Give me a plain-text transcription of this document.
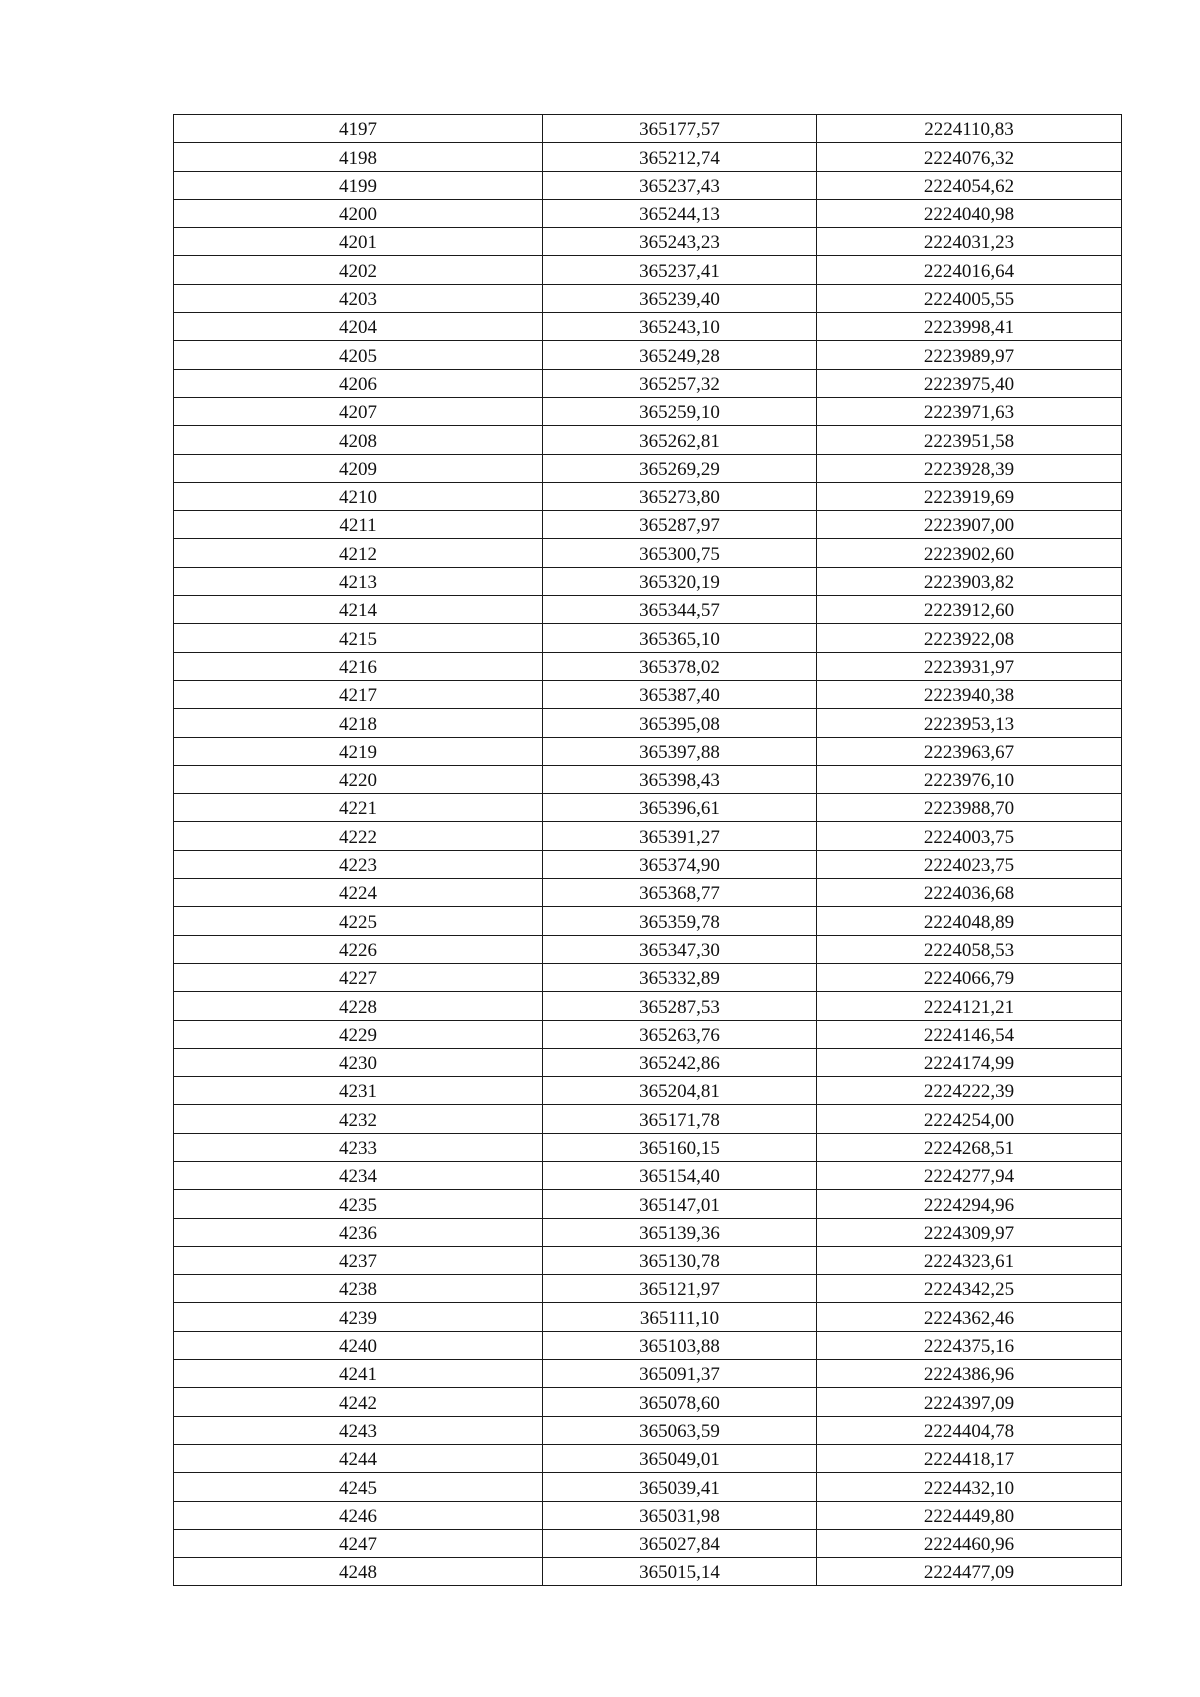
4197	365177,57	2224110,83
4198	365212,74	2224076,32
4199	365237,43	2224054,62
4200	365244,13	2224040,98
4201	365243,23	2224031,23
4202	365237,41	2224016,64
4203	365239,40	2224005,55
4204	365243,10	2223998,41
4205	365249,28	2223989,97
4206	365257,32	2223975,40
4207	365259,10	2223971,63
4208	365262,81	2223951,58
4209	365269,29	2223928,39
4210	365273,80	2223919,69
4211	365287,97	2223907,00
4212	365300,75	2223902,60
4213	365320,19	2223903,82
4214	365344,57	2223912,60
4215	365365,10	2223922,08
4216	365378,02	2223931,97
4217	365387,40	2223940,38
4218	365395,08	2223953,13
4219	365397,88	2223963,67
4220	365398,43	2223976,10
4221	365396,61	2223988,70
4222	365391,27	2224003,75
4223	365374,90	2224023,75
4224	365368,77	2224036,68
4225	365359,78	2224048,89
4226	365347,30	2224058,53
4227	365332,89	2224066,79
4228	365287,53	2224121,21
4229	365263,76	2224146,54
4230	365242,86	2224174,99
4231	365204,81	2224222,39
4232	365171,78	2224254,00
4233	365160,15	2224268,51
4234	365154,40	2224277,94
4235	365147,01	2224294,96
4236	365139,36	2224309,97
4237	365130,78	2224323,61
4238	365121,97	2224342,25
4239	365111,10	2224362,46
4240	365103,88	2224375,16
4241	365091,37	2224386,96
4242	365078,60	2224397,09
4243	365063,59	2224404,78
4244	365049,01	2224418,17
4245	365039,41	2224432,10
4246	365031,98	2224449,80
4247	365027,84	2224460,96
4248	365015,14	2224477,09
